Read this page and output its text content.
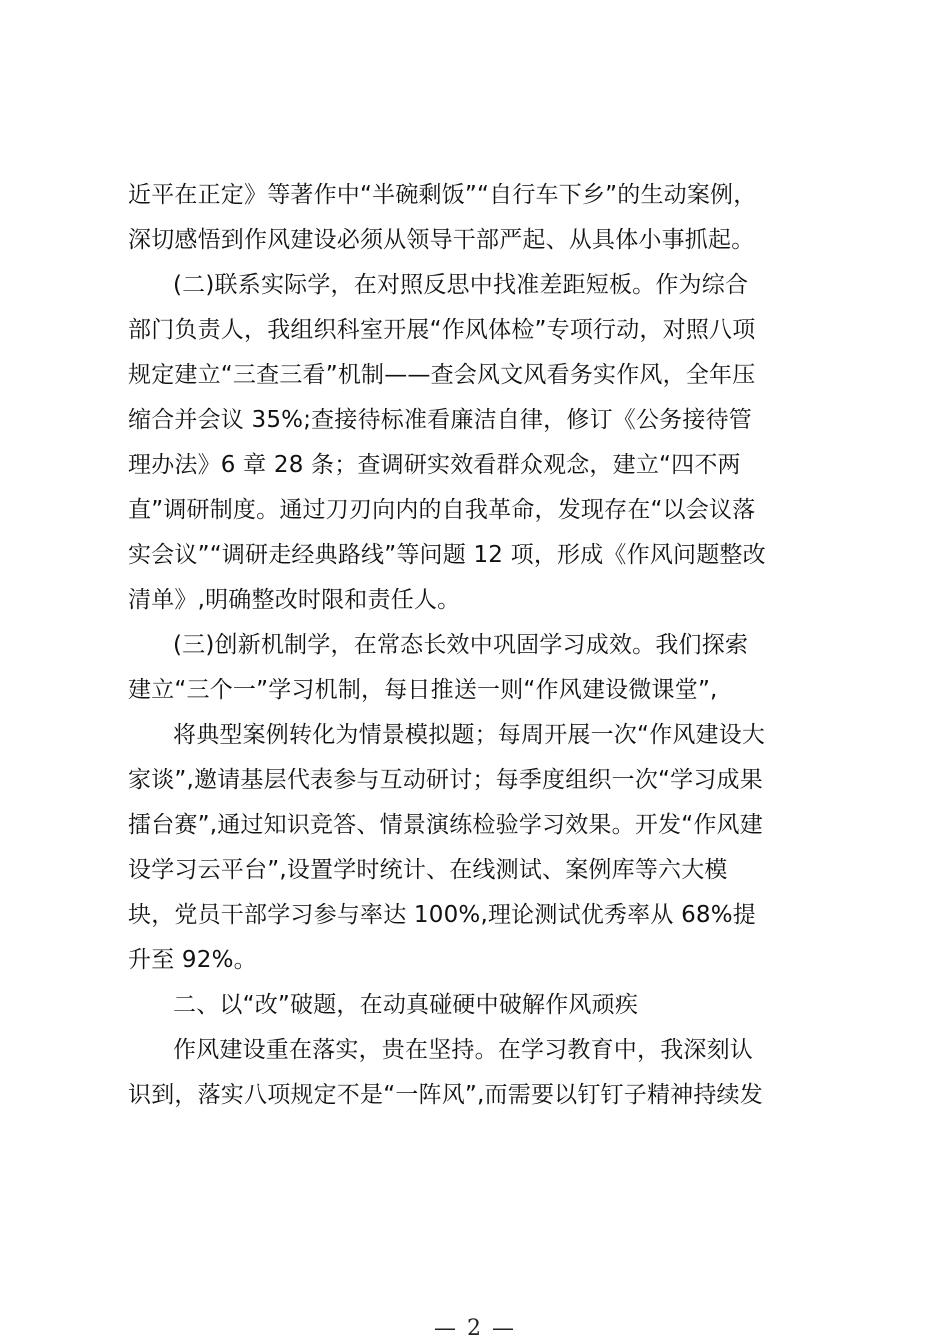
近平在正定》等著作中“半碗剩饭”“自行车下乡”的生动案例，
深切感悟到作风建设必须从领导干部严起、从具体小事抓起。
(二)联系实际学，在对照反思中找准差距短板。作为综合
部门负责人，我组织科室开展“作风体检”专项行动，对照八项
规定建立“三查三看”机制——查会风文风看务实作风，全年压
缩合并会议 35%;查接待标准看廉洁自律，修订《公务接待管
理办法》6 章 28 条；查调研实效看群众观念，建立“四不两
直”调研制度。通过刀刃向内的自我革命，发现存在“以会议落
实会议”“调研走经典路线”等问题 12 项，形成《作风问题整改
清单》,明确整改时限和责任人。
(三)创新机制学，在常态长效中巩固学习成效。我们探索
建立“三个一”学习机制，每日推送一则“作风建设微课堂”,
将典型案例转化为情景模拟题；每周开展一次“作风建设大
家谈”,邀请基层代表参与互动研讨；每季度组织一次“学习成果
擂台赛”,通过知识竞答、情景演练检验学习效果。开发“作风建
设学习云平台”,设置学时统计、在线测试、案例库等六大模
块，党员干部学习参与率达 100%,理论测试优秀率从 68%提
升至 92%。
二、以“改”破题，在动真碰硬中破解作风顽疾
作风建设重在落实，贵在坚持。在学习教育中，我深刻认
识到，落实八项规定不是“一阵风”,而需要以钉钉子精神持续发
— 2 —
